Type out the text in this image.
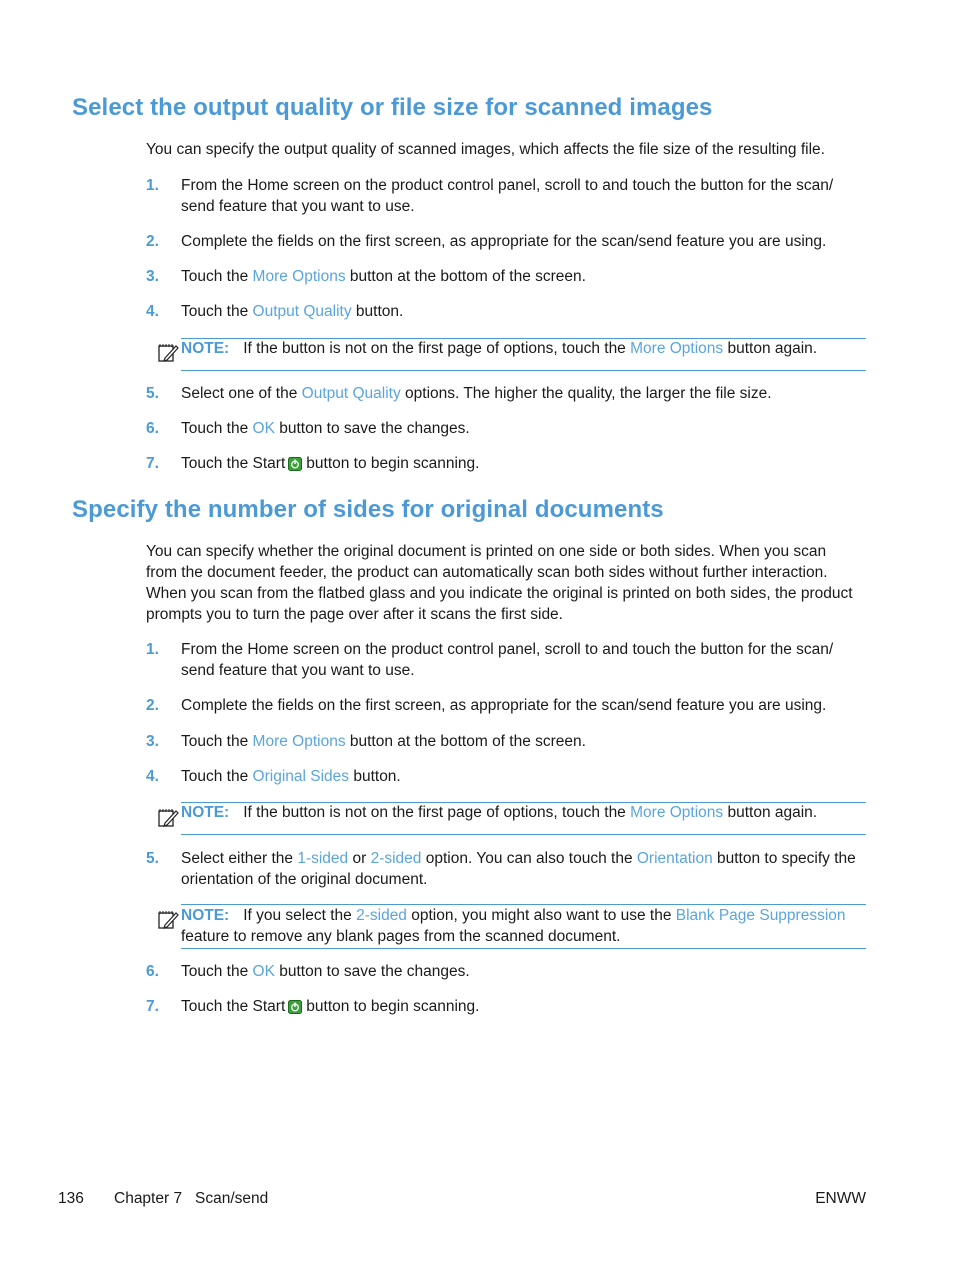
Select the output quality or file size for scanned images

You can specify the output quality of scanned images, which affects the file size of the resulting file.

1. From the Home screen on the product control panel, scroll to and touch the button for the scan/ send feature that you want to use.
2. Complete the fields on the first screen, as appropriate for the scan/send feature you are using.
3. Touch the More Options button at the bottom of the screen.
4. Touch the Output Quality button.
NOTE: If the button is not on the first page of options, touch the More Options button again.
5. Select one of the Output Quality options. The higher the quality, the larger the file size.
6. Touch the OK button to save the changes.
7. Touch the Start button to begin scanning.
Specify the number of sides for original documents

You can specify whether the original document is printed on one side or both sides. When you scan from the document feeder, the product can automatically scan both sides without further interaction. When you scan from the flatbed glass and you indicate the original is printed on both sides, the product prompts you to turn the page over after it scans the first side.

1. From the Home screen on the product control panel, scroll to and touch the button for the scan/ send feature that you want to use.
2. Complete the fields on the first screen, as appropriate for the scan/send feature you are using.
3. Touch the More Options button at the bottom of the screen.
4. Touch the Original Sides button.
NOTE: If the button is not on the first page of options, touch the More Options button again.
5. Select either the 1-sided or 2-sided option. You can also touch the Orientation button to specify the orientation of the original document.
NOTE: If you select the 2-sided option, you might also want to use the Blank Page Suppression feature to remove any blank pages from the scanned document.
6. Touch the OK button to save the changes.
7. Touch the Start button to begin scanning.
136 Chapter 7   Scan/send	ENWW
